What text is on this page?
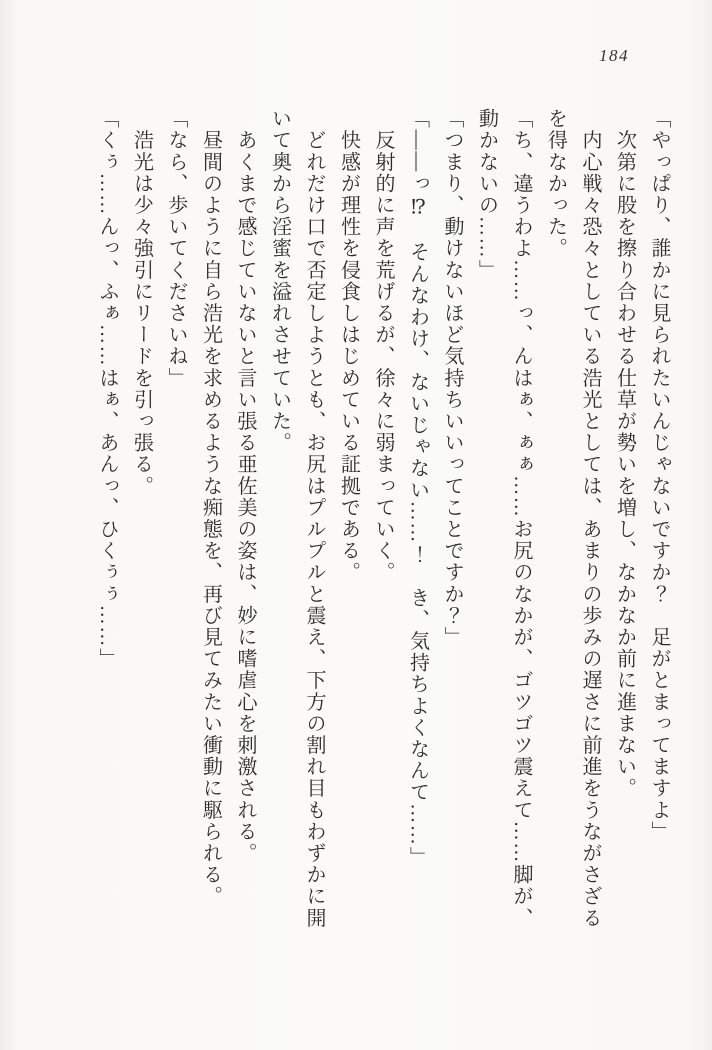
184

「やっぱり、誰かに見られたいんじゃないですか？　足がとまってますよ」

　次第に股を擦り合わせる仕草が勢いを増し、なかなか前に進まない。

　内心戦々恐々としている浩光としては、あまりの歩みの遅さに前進をうながさざる

を得なかった。

「ち、違うわよ……っ、んはぁ、ぁぁ……お尻のなかが、ゴツゴツ震えて……脚が、

動かないの……」

「つまり、動けないほど気持ちいいってことですか？」

「――っ⁉　そんなわけ、ないじゃない……！　き、気持ちよくなんて……」

　反射的に声を荒げるが、徐々に弱まっていく。

　快感が理性を侵食しはじめている証拠である。

　どれだけ口で否定しようとも、お尻はプルプルと震え、下方の割れ目もわずかに開

いて奥から淫蜜を溢れさせていた。

　あくまで感じていないと言い張る亜佐美の姿は、妙に嗜虐心を刺激される。

　昼間のように自ら浩光を求めるような痴態を、再び見てみたい衝動に駆られる。

「なら、歩いてくださいね」

　浩光は少々強引にリードを引っ張る。

「くぅ……んっ、ふぁ……はぁ、あんっ、ひくぅぅ……」
